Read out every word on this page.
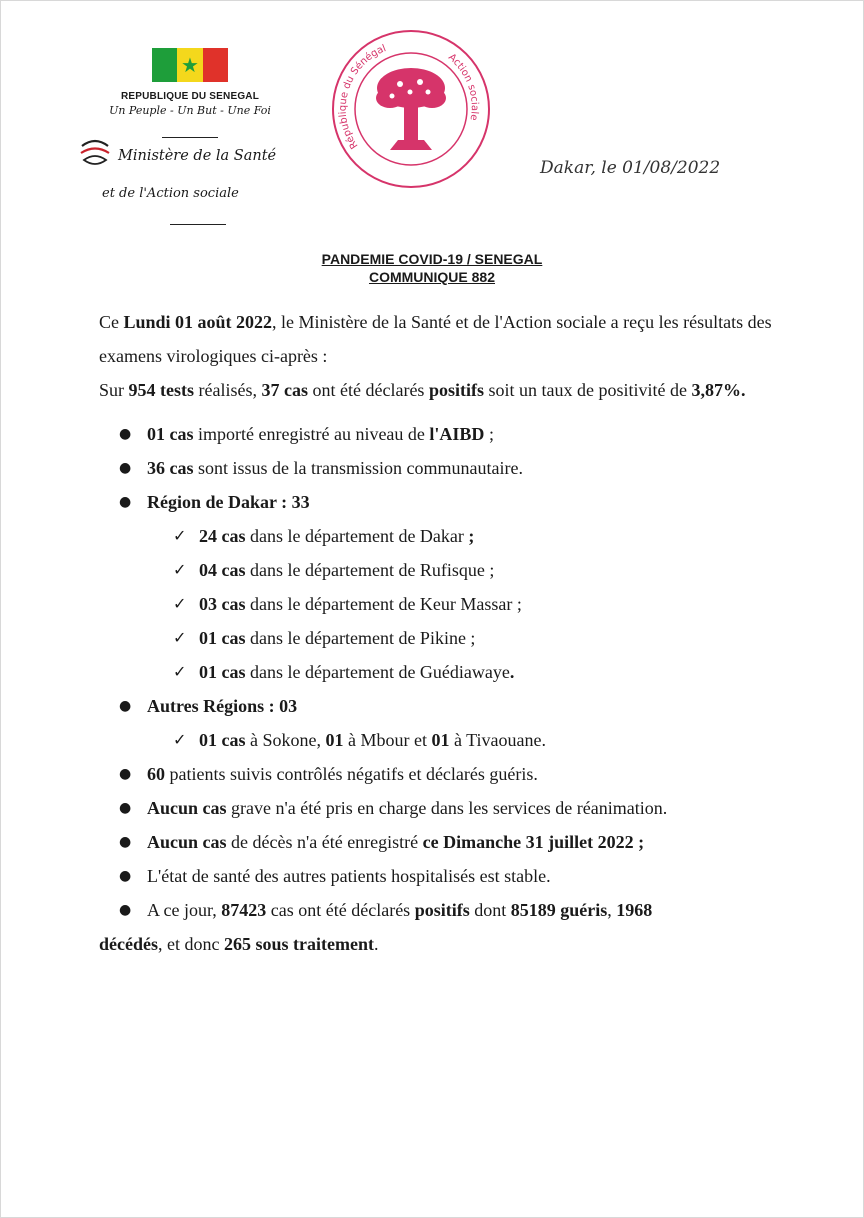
★
REPUBLIQUE DU SENEGAL
Un Peuple - Un But - Une Foi
Ministère de la Santé
et de l'Action sociale
République du Sénégal
Action sociale
Dakar, le 01/08/2022
PANDEMIE COVID-19 / SENEGAL
COMMUNIQUE 882

Ce Lundi 01 août 2022, le Ministère de la Santé et de l'Action sociale a reçu les résultats des examens virologiques ci-après :

Sur 954 tests réalisés, 37 cas ont été déclarés positifs soit un taux de positivité de 3,87%.

● 01 cas importé enregistré au niveau de l'AIBD ;
● 36 cas sont issus de la transmission communautaire.
● Région de Dakar : 33
✓ 24 cas dans le département de Dakar ;
✓ 04 cas dans le département de Rufisque ;
✓ 03 cas dans le département de Keur Massar ;
✓ 01 cas dans le département de Pikine ;
✓ 01 cas dans le département de Guédiawaye.
● Autres Régions : 03
✓ 01 cas à Sokone, 01 à Mbour et 01 à Tivaouane.
● 60 patients suivis contrôlés négatifs et déclarés guéris.
● Aucun cas grave n'a été pris en charge dans les services de réanimation.
● Aucun cas de décès n'a été enregistré ce Dimanche 31 juillet 2022 ;
● L'état de santé des autres patients hospitalisés est stable.
● A ce jour, 87423 cas ont été déclarés positifs dont 85189 guéris, 1968

décédés, et donc 265 sous traitement.
